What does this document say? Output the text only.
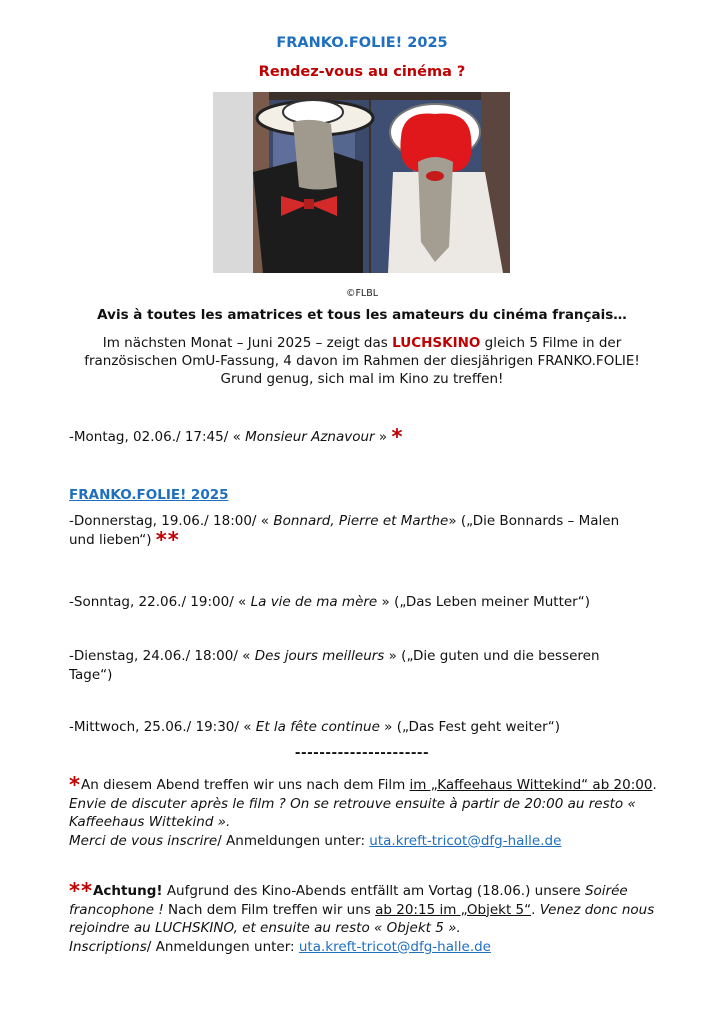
FRANKO.FOLIE! 2025
Rendez-vous au cinéma ?
©FLBL
Avis à toutes les amatrices et tous les amateurs du cinéma français…
Im nächsten Monat – Juni 2025 – zeigt das LUCHSKINO gleich 5 Filme in der
französischen OmU-Fassung, 4 davon im Rahmen der diesjährigen FRANKO.FOLIE!
Grund genug, sich mal im Kino zu treffen!
-Montag, 02.06./ 17:45/ « Monsieur Aznavour » *
FRANKO.FOLIE! 2025
-Donnerstag, 19.06./ 18:00/ « Bonnard, Pierre et Marthe» („Die Bonnards – Malen und lieben“) **
-Sonntag, 22.06./ 19:00/ « La vie de ma mère » („Das Leben meiner Mutter“)
-Dienstag, 24.06./ 18:00/ « Des jours meilleurs » („Die guten und die besseren Tage“)
-Mittwoch, 25.06./ 19:30/ « Et la fête continue » („Das Fest geht weiter“)
----------------------
*An diesem Abend treffen wir uns nach dem Film im „Kaffeehaus Wittekind“ ab 20:00. Envie de discuter après le film ? On se retrouve ensuite à partir de 20:00 au resto « Kaffeehaus Wittekind ».
Merci de vous inscrire/ Anmeldungen unter: uta.kreft-tricot@dfg-halle.de
**Achtung! Aufgrund des Kino-Abends entfällt am Vortag (18.06.) unsere Soirée francophone ! Nach dem Film treffen wir uns ab 20:15 im „Objekt 5“. Venez donc nous rejoindre au LUCHSKINO, et ensuite au resto « Objekt 5 ».
Inscriptions/ Anmeldungen unter: uta.kreft-tricot@dfg-halle.de
